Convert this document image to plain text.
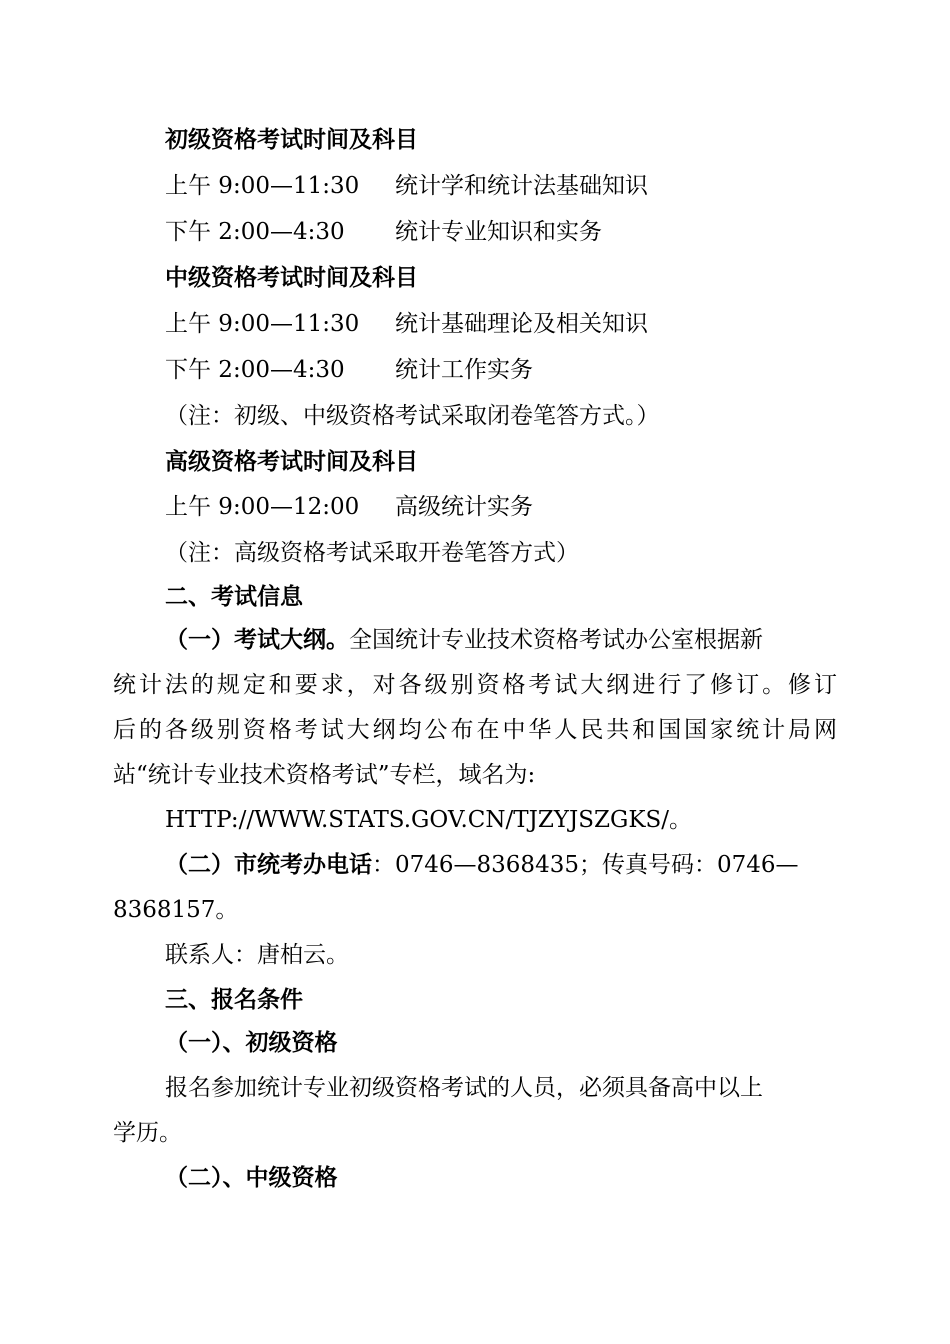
初级资格考试时间及科目
上午 9:00—11:30 统计学和统计法基础知识
下午 2:00—4:30 统计专业知识和实务
中级资格考试时间及科目
上午 9:00—11:30 统计基础理论及相关知识
下午 2:00—4:30 统计工作实务
（注：初级、中级资格考试采取闭卷笔答方式。）
高级资格考试时间及科目
上午 9:00—12:00 高级统计实务
（注：高级资格考试采取开卷笔答方式）
二、考试信息
（一）考试大纲。全国统计专业技术资格考试办公室根据新
统计法的规定和要求，对各级别资格考试大纲进行了修订。修订
后的各级别资格考试大纲均公布在中华人民共和国国家统计局网
站“统计专业技术资格考试”专栏，域名为:
HTTP://WWW.STATS.GOV.CN/TJZYJSZGKS/。
（二）市统考办电话：0746—8368435；传真号码：0746—
8368157。
联系人：唐柏云。
三、报名条件
（一）、初级资格
报名参加统计专业初级资格考试的人员，必须具备高中以上
学历。
（二）、中级资格
